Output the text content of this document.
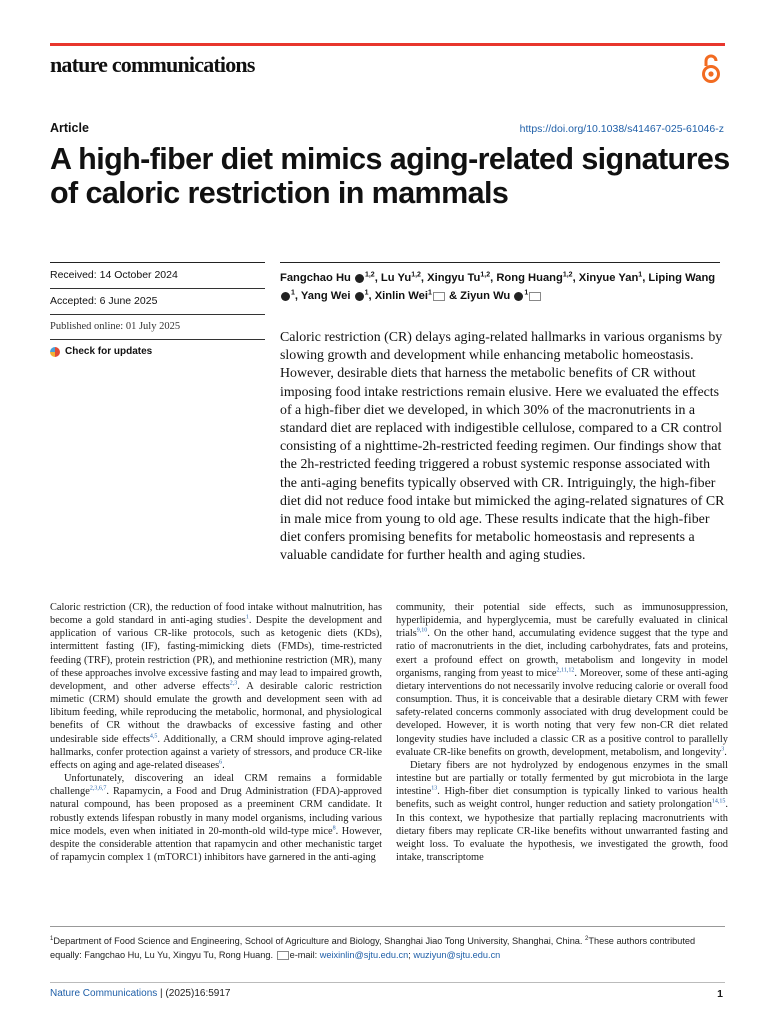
nature communications
Article	https://doi.org/10.1038/s41467-025-61046-z
A high-fiber diet mimics aging-related signatures of caloric restriction in mammals
Received: 14 October 2024
Accepted: 6 June 2025
Published online: 01 July 2025
Check for updates
Fangchao Hu $^{1,2}$, Lu Yu$^{1,2}$, Xingyu Tu$^{1,2}$, Rong Huang$^{1,2}$, Xinyue Yan$^1$, Liping Wang $^1$, Yang Wei $^1$, Xinlin Wei$^1$ & Ziyun Wu $^1$

Caloric restriction (CR) delays aging-related hallmarks in various organisms by slowing growth and development while enhancing metabolic homeostasis. However, desirable diets that harness the metabolic benefits of CR without imposing food intake restrictions remain elusive. Here we evaluated the effects of a high-fiber diet we developed, in which 30% of the macronutrients in a standard diet are replaced with indigestible cellulose, compared to a CR control consisting of a nighttime-2h-restricted feeding regimen. Our findings show that the 2h-restricted feeding triggered a robust systemic response associated with the anti-aging benefits typically observed with CR. Intriguingly, the high-fiber diet did not reduce food intake but mimicked the aging-related signatures of CR in male mice from young to old age. These results indicate that the high-fiber diet confers promising benefits for metabolic homeostasis and represents a valuable candidate for further health and aging studies.

Caloric restriction (CR), the reduction of food intake without malnutrition, has become a gold standard in anti-aging studies$^1$. Despite the development and application of various CR-like protocols, such as ketogenic diets (KDs), intermittent fasting (IF), fasting-mimicking diets (FMDs), time-restricted feeding (TRF), protein restriction (PR), and methionine restriction (MR), many of these approaches involve excessive fasting and may lead to impaired growth, development, and other adverse effects$^{2,3}$. A desirable caloric restriction mimetic (CRM) should emulate the growth and development seen with ad libitum feeding, while reproducing the metabolic, hormonal, and physiological benefits of CR without the drawbacks of excessive fasting and other undesirable side effects$^{4,5}$. Additionally, a CRM should improve aging-related hallmarks, confer protection against a variety of stressors, and produce CR-like effects on aging and age-related diseases$^6$.

Unfortunately, discovering an ideal CRM remains a formidable challenge$^{2,3,6,7}$. Rapamycin, a Food and Drug Administration (FDA)-approved natural compound, has been proposed as a preeminent CRM candidate. It robustly extends lifespan robustly in many model organisms, including various mice models, even when initiated in 20-month-old wild-type mice$^8$. However, despite the considerable attention that rapamycin and other mechanistic target of rapamycin complex 1 (mTORC1) inhibitors have garnered in the anti-aging

community, their potential side effects, such as immunosuppression, hyperlipidemia, and hyperglycemia, must be carefully evaluated in clinical trials$^{9,10}$. On the other hand, accumulating evidence suggest that the type and ratio of macronutrients in the diet, including carbohydrates, fats and proteins, exert a profound effect on growth, metabolism and longevity in model organisms, ranging from yeast to mice$^{2,11,12}$. Moreover, some of these anti-aging dietary interventions do not necessarily involve reducing calorie or overall food consumption. Thus, it is conceivable that a desirable dietary CRM with fewer safety-related concerns commonly associated with drug development could be developed. However, it is worth noting that very few non-CR diet related longevity studies have included a classic CR as a positive control to parallelly evaluate CR-like benefits on growth, development, metabolism, and longevity$^3$.

Dietary fibers are not hydrolyzed by endogenous enzymes in the small intestine but are partially or totally fermented by gut microbiota in the large intestine$^{13}$. High-fiber diet consumption is typically linked to various health benefits, such as weight control, hunger reduction and satiety prolongation$^{14,15}$. In this context, we hypothesize that partially replacing macronutrients with dietary fibers may replicate CR-like benefits without unwarranted fasting and weight loss. To evaluate the hypothesis, we investigated the growth, food intake, transcriptome

$^1$Department of Food Science and Engineering, School of Agriculture and Biology, Shanghai Jiao Tong University, Shanghai, China. $^2$These authors contributed equally: Fangchao Hu, Lu Yu, Xingyu Tu, Rong Huang. e-mail: weixinlin@sjtu.edu.cn; wuziyun@sjtu.edu.cn
Nature Communications | (2025)16:5917	1
